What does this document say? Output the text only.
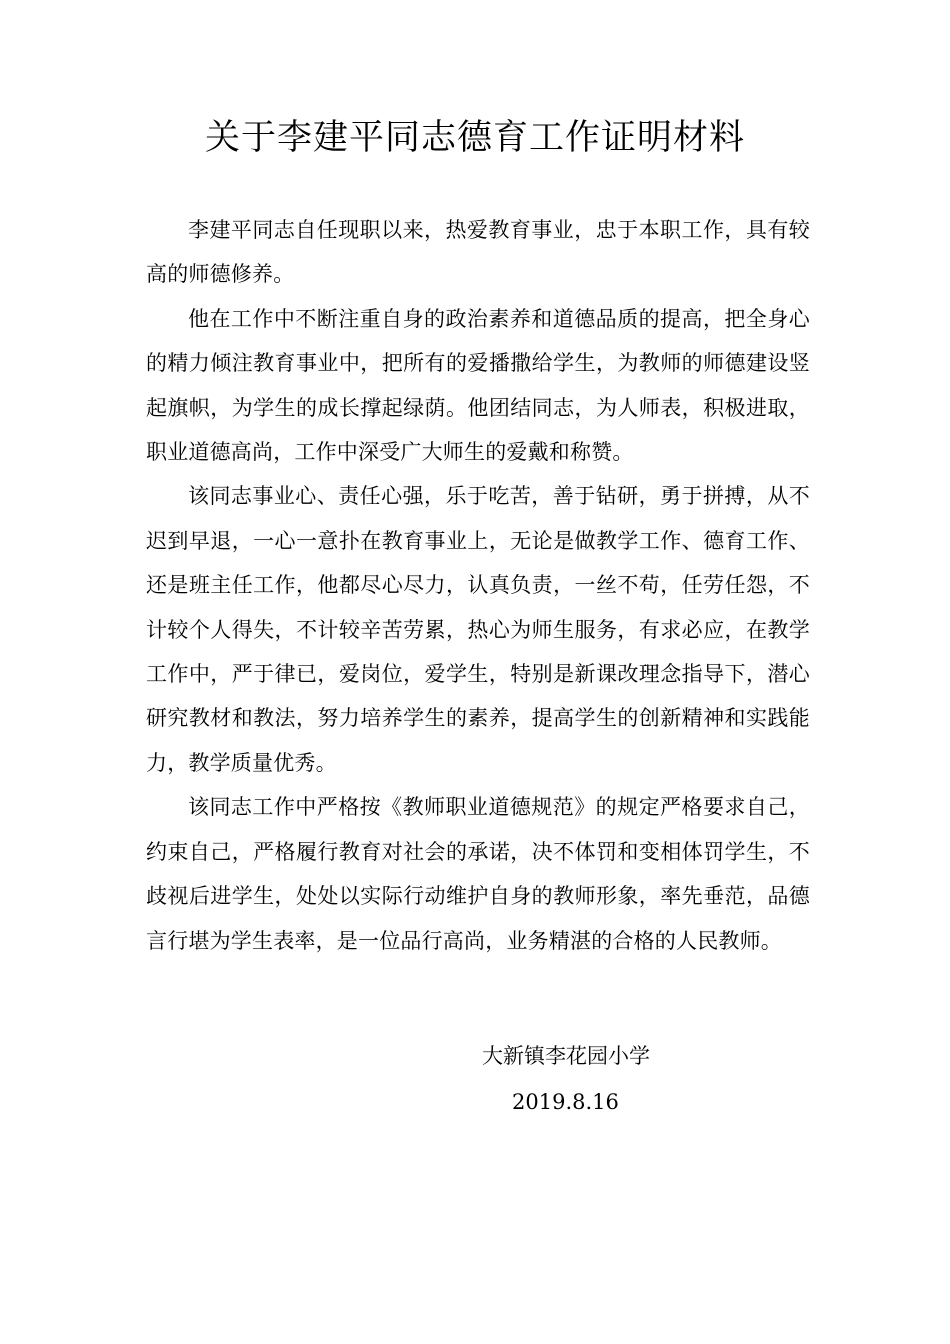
关于李建平同志德育工作证明材料

李建平同志自任现职以来，热爱教育事业，忠于本职工作，具有较高的师德修养。

他在工作中不断注重自身的政治素养和道德品质的提高，把全身心的精力倾注教育事业中，把所有的爱播撒给学生，为教师的师德建设竖起旗帜，为学生的成长撑起绿荫。他团结同志，为人师表，积极进取，职业道德高尚，工作中深受广大师生的爱戴和称赞。

该同志事业心、责任心强，乐于吃苦，善于钻研，勇于拼搏，从不迟到早退，一心一意扑在教育事业上，无论是做教学工作、德育工作、还是班主任工作，他都尽心尽力，认真负责，一丝不苟，任劳任怨，不计较个人得失，不计较辛苦劳累，热心为师生服务，有求必应，在教学工作中，严于律已，爱岗位，爱学生，特别是新课改理念指导下，潜心研究教材和教法，努力培养学生的素养，提高学生的创新精神和实践能力，教学质量优秀。

该同志工作中严格按《教师职业道德规范》的规定严格要求自己，约束自己，严格履行教育对社会的承诺，决不体罚和变相体罚学生，不歧视后进学生，处处以实际行动维护自身的教师形象，率先垂范，品德言行堪为学生表率，是一位品行高尚，业务精湛的合格的人民教师。

大新镇李花园小学
2019.8.16
